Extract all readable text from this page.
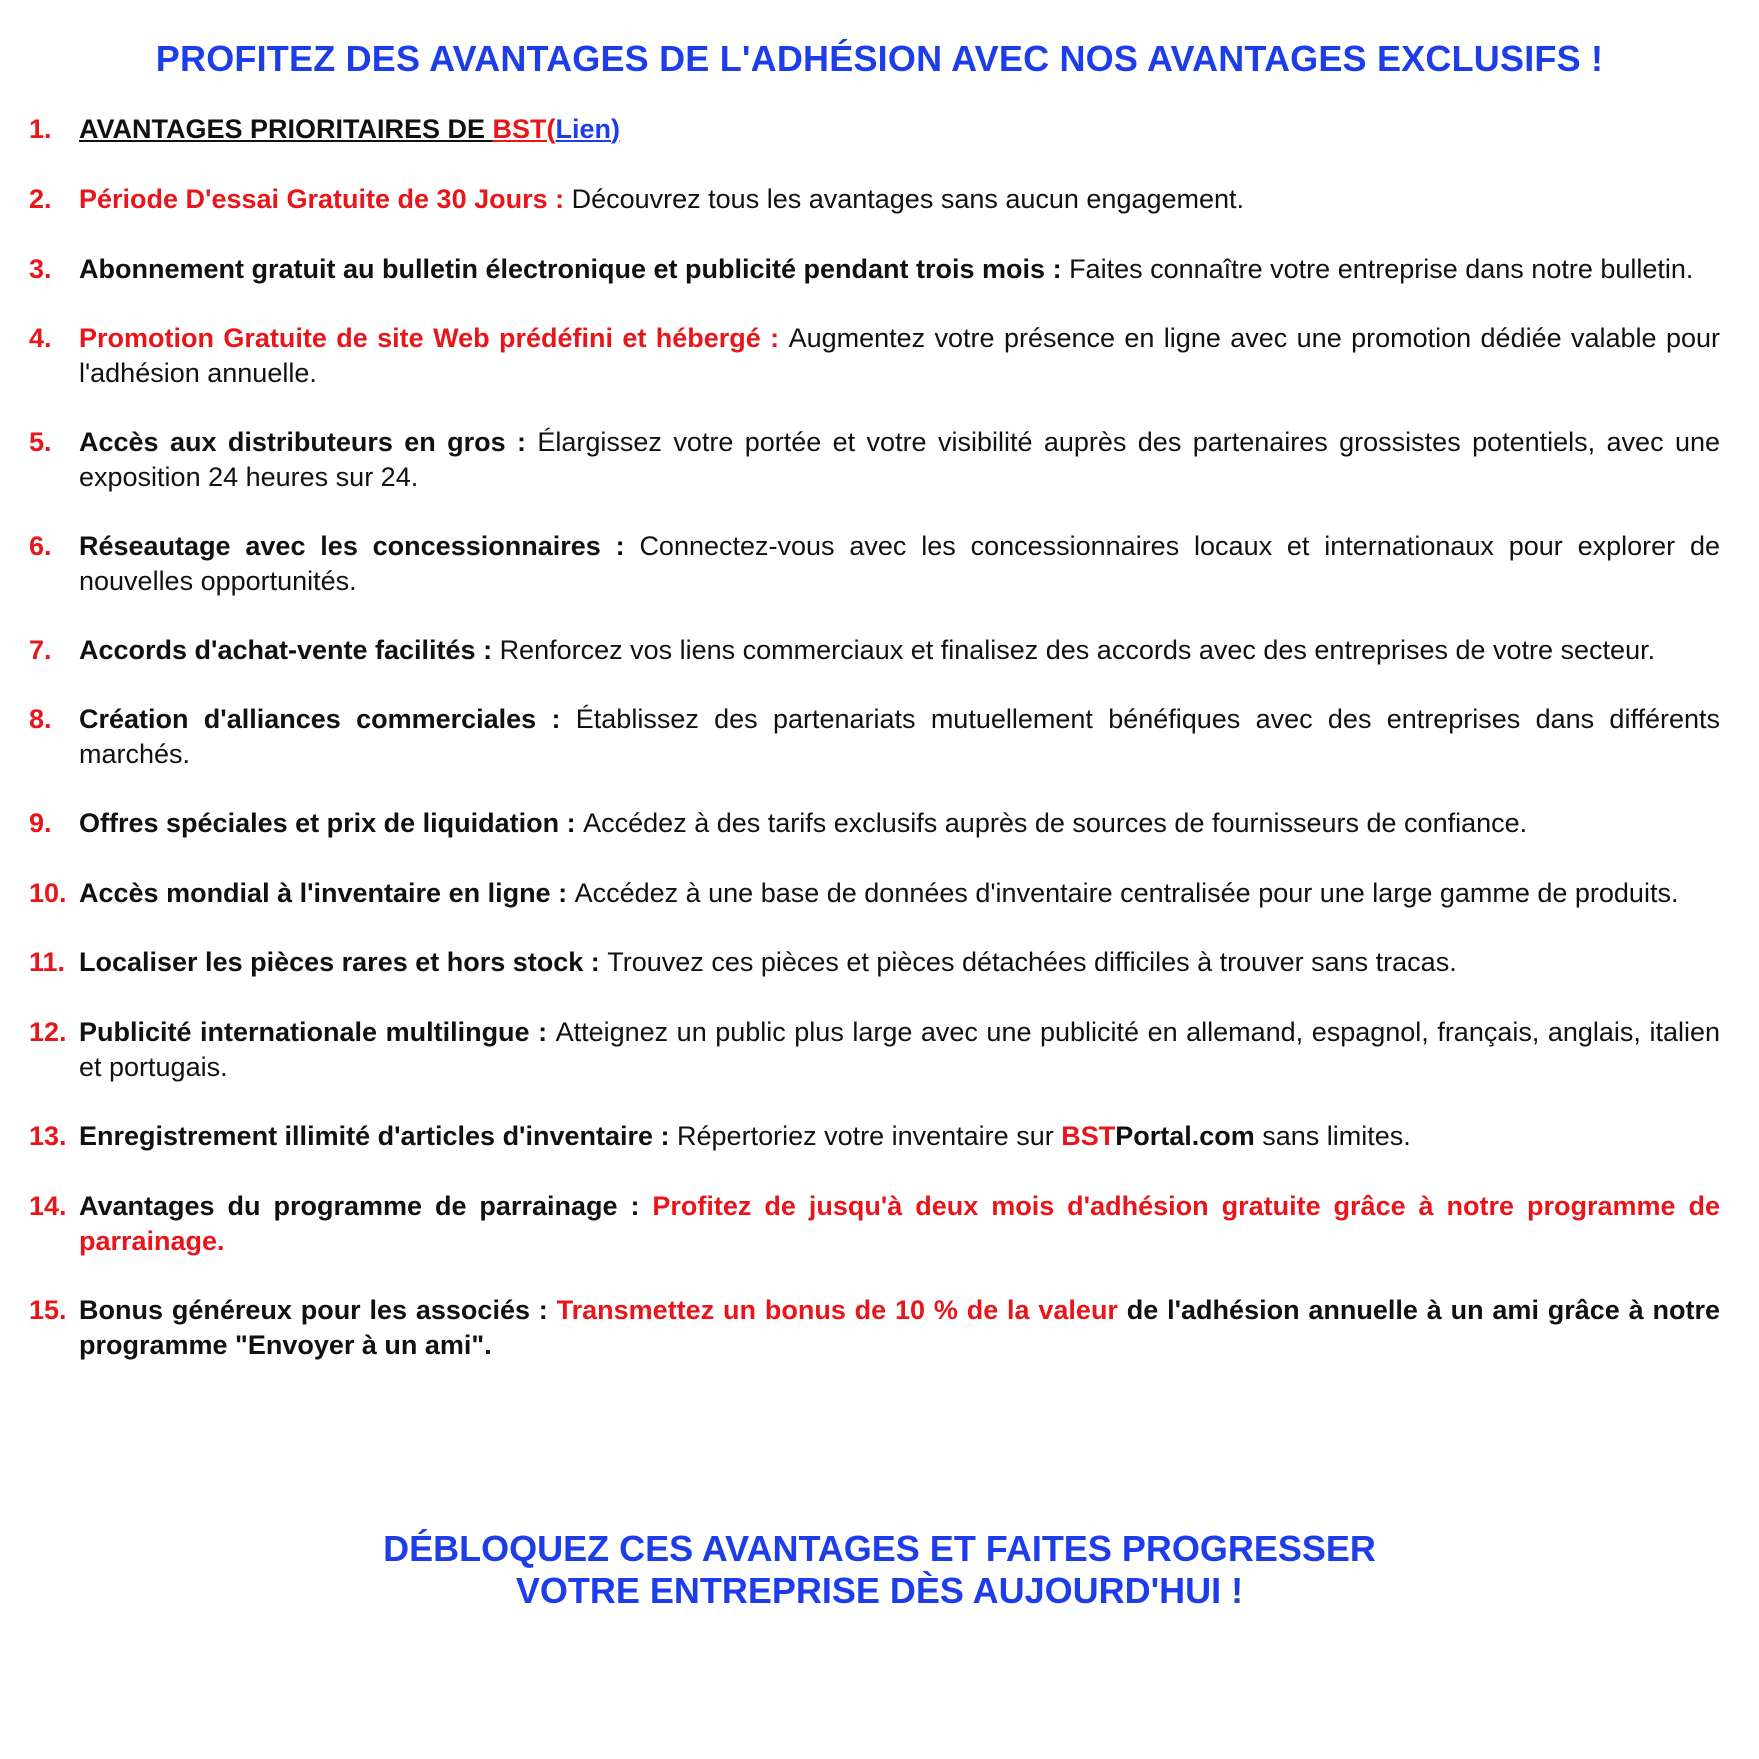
PROFITEZ DES AVANTAGES DE L'ADHÉSION AVEC NOS AVANTAGES EXCLUSIFS !
1.	AVANTAGES PRIORITAIRES DE BST(Lien)
2.	Période D'essai Gratuite de 30 Jours : Découvrez tous les avantages sans aucun engagement.
3.	Abonnement gratuit au bulletin électronique et publicité pendant trois mois : Faites connaître votre entreprise dans notre bulletin.
4.	Promotion Gratuite de site Web prédéfini et hébergé : Augmentez votre présence en ligne avec une promotion dédiée valable pour l'adhésion annuelle.
5.	Accès aux distributeurs en gros : Élargissez votre portée et votre visibilité auprès des partenaires grossistes potentiels, avec une exposition 24 heures sur 24.
6.	Réseautage avec les concessionnaires : Connectez-vous avec les concessionnaires locaux et internationaux pour explorer de nouvelles opportunités.
7.	Accords d'achat-vente facilités : Renforcez vos liens commerciaux et finalisez des accords avec des entreprises de votre secteur.
8.	Création d'alliances commerciales : Établissez des partenariats mutuellement bénéfiques avec des entreprises dans différents marchés.
9.	Offres spéciales et prix de liquidation : Accédez à des tarifs exclusifs auprès de sources de fournisseurs de confiance.
10. Accès mondial à l'inventaire en ligne : Accédez à une base de données d'inventaire centralisée pour une large gamme de produits.
11. Localiser les pièces rares et hors stock : Trouvez ces pièces et pièces détachées difficiles à trouver sans tracas.
12. Publicité internationale multilingue : Atteignez un public plus large avec une publicité en allemand, espagnol, français, anglais, italien et portugais.
13. Enregistrement illimité d'articles d'inventaire : Répertoriez votre inventaire sur BSTPortal.com sans limites.
14. Avantages du programme de parrainage : Profitez de jusqu'à deux mois d'adhésion gratuite grâce à notre programme de parrainage.
15. Bonus généreux pour les associés : Transmettez un bonus de 10 % de la valeur de l'adhésion annuelle à un ami grâce à notre programme "Envoyer à un ami".
DÉBLOQUEZ CES AVANTAGES ET FAITES PROGRESSER
VOTRE ENTREPRISE DÈS AUJOURD'HUI !
